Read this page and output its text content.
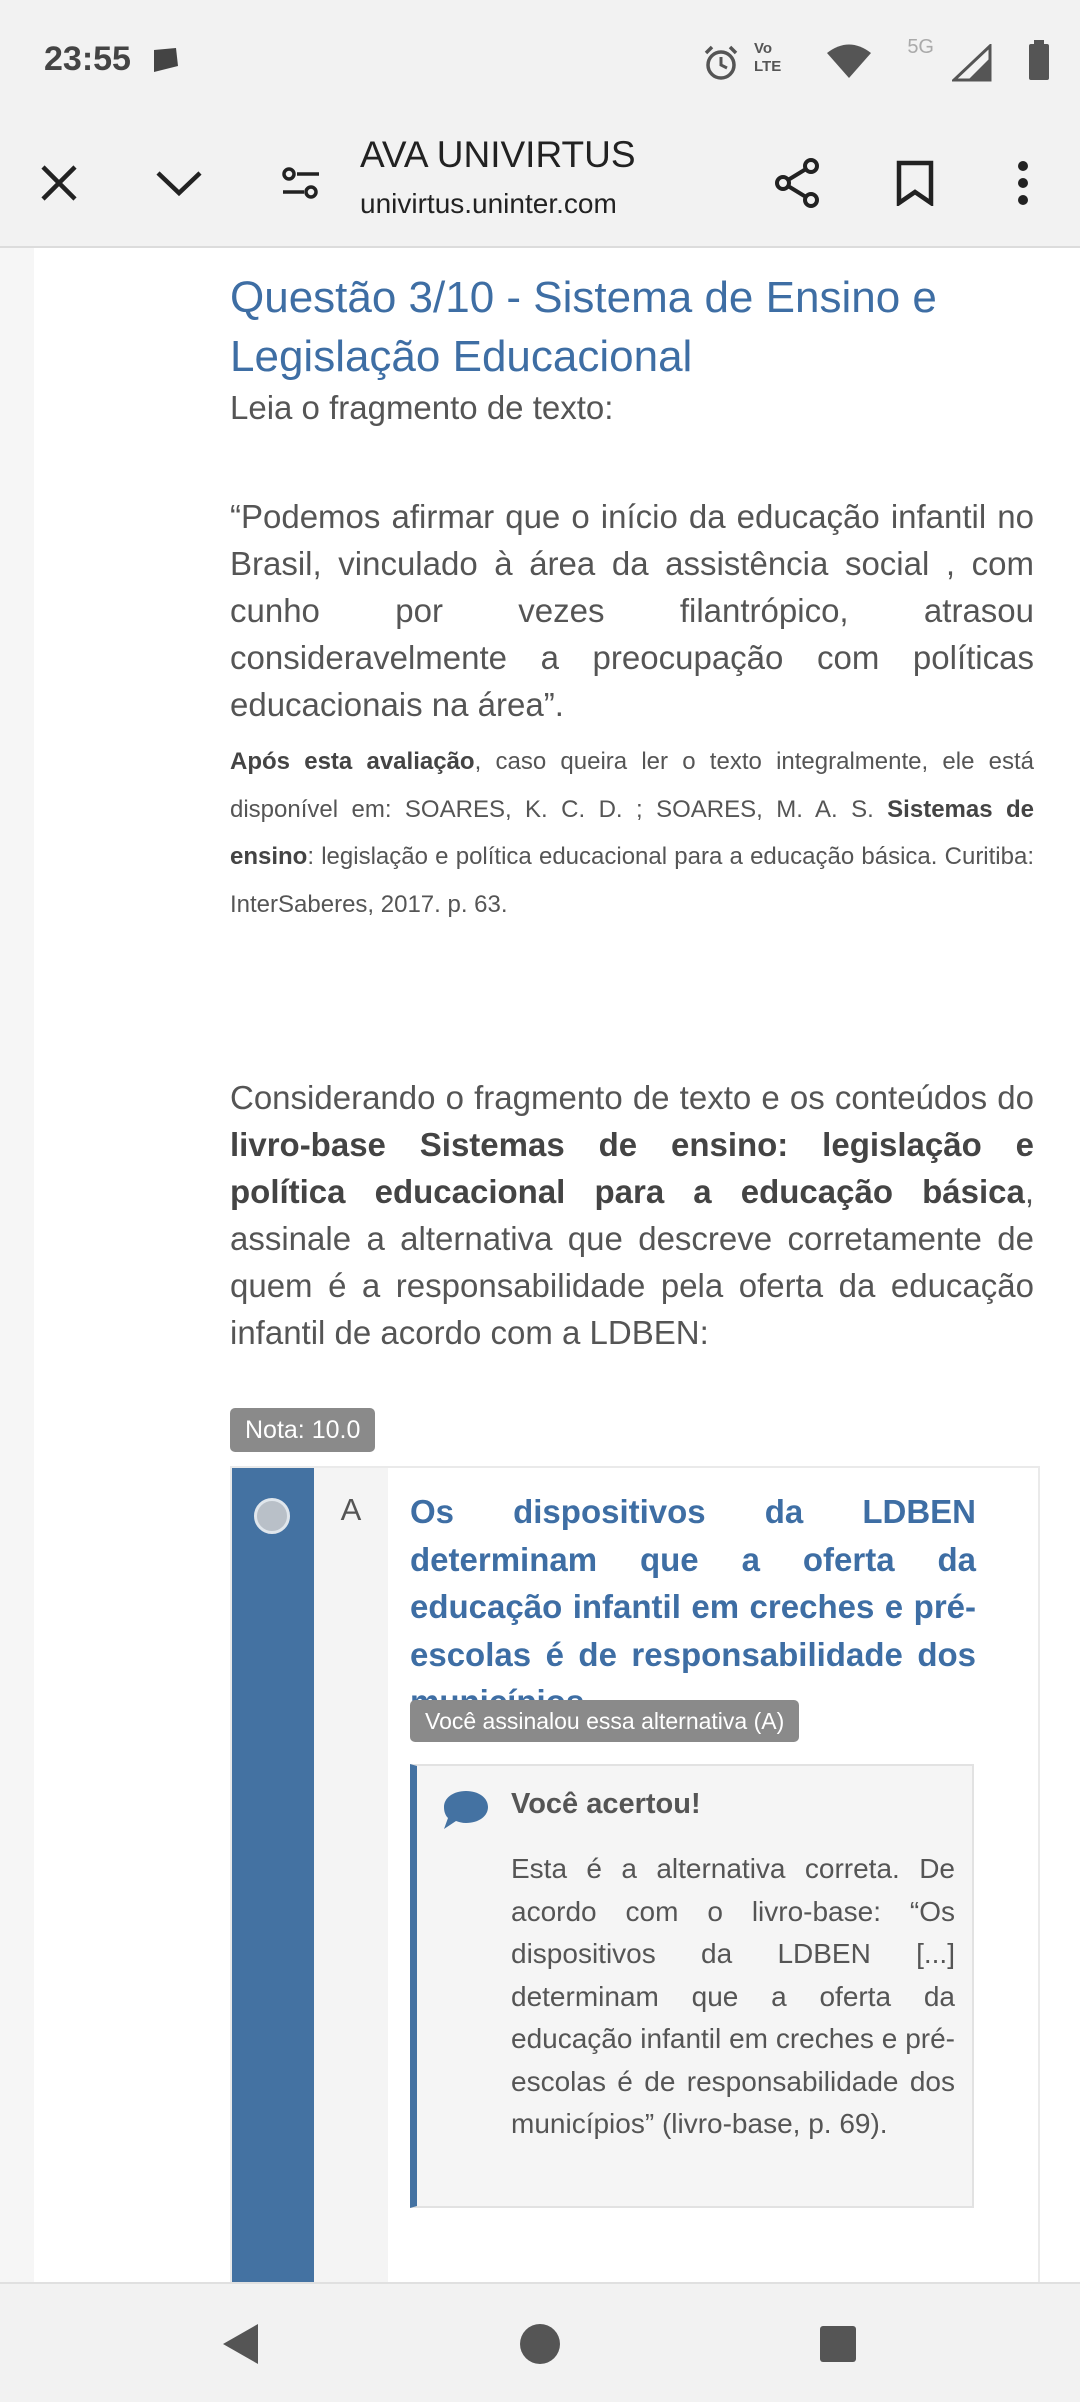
23:55	Vo
LTE
5G
AVA UNIVIRTUS
univirtus.uninter.com
Questão 3/10 - Sistema de Ensino e Legislação Educacional
Leia o fragmento de texto:
“Podemos afirmar que o início da educação infantil no Brasil, vinculado à área da assistência social , com cunho por vezes filantrópico, atrasou consideravelmente a preocupação com políticas educacionais na área”.
Após esta avaliação, caso queira ler o texto integralmente, ele está disponível em: SOARES, K. C. D. ; SOARES, M. A. S. Sistemas de ensino: legislação e política educacional para a educação básica. Curitiba: InterSaberes, 2017. p. 63.
Considerando o fragmento de texto e os conteúdos do livro-base Sistemas de ensino: legislação e política educacional para a educação básica, assinale a alternativa que descreve corretamente de quem é a responsabilidade pela oferta da educação infantil de acordo com a LDBEN:
Nota: 10.0
A	Os dispositivos da LDBEN determinam que a oferta da educação infantil em creches e pré-escolas é de responsabilidade dos
Você assinalou essa alternativa (A)
Você acertou!
Esta é a alternativa correta. De acordo com o livro-base: “Os dispositivos da LDBEN [...] determinam que a oferta da educação infantil em creches e pré-escolas é de responsabilidade dos municípios” (livro-base, p. 69).
